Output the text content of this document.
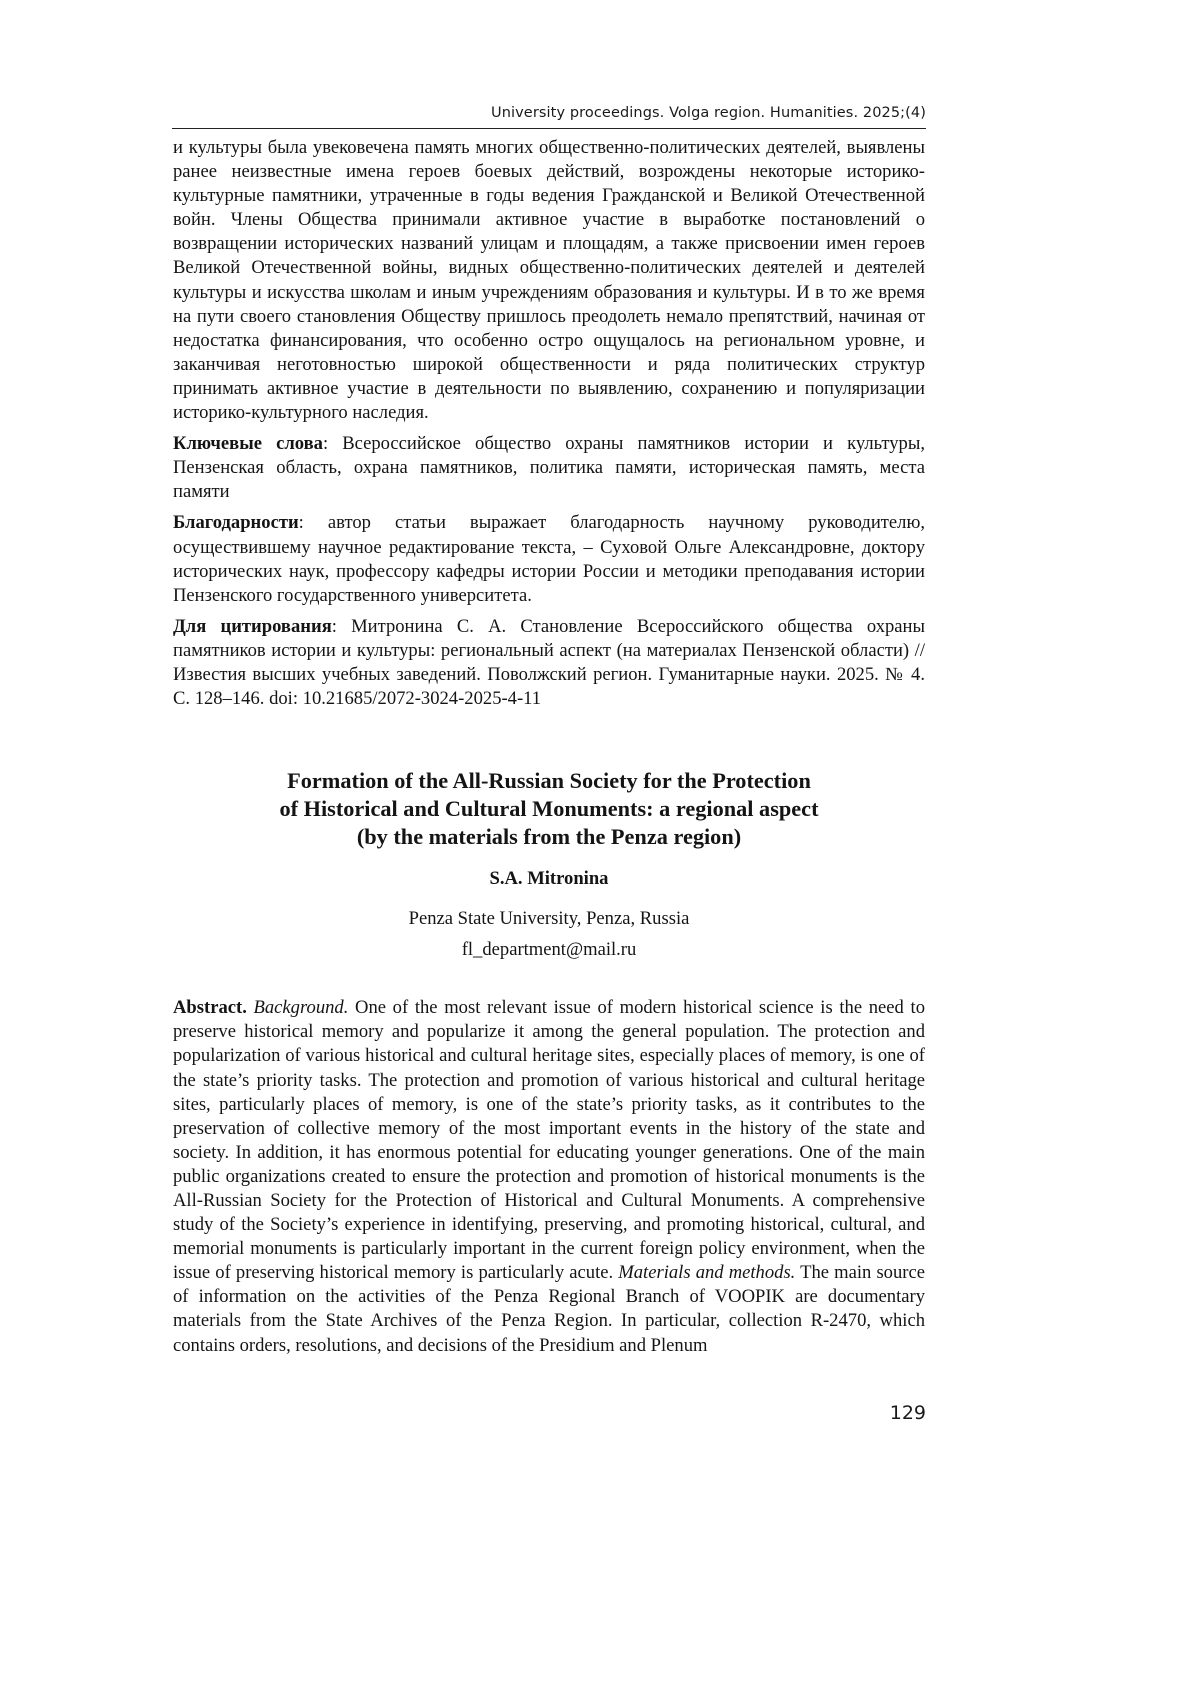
University proceedings. Volga region. Humanities. 2025;(4)

и культуры была увековечена память многих общественно-политических деятелей, выявлены ранее неизвестные имена героев боевых действий, возрождены некоторые историко-культурные памятники, утраченные в годы ведения Гражданской и Великой Отечественной войн. Члены Общества принимали активное участие в выработке постановлений о возвращении исторических названий улицам и площадям, а также присвоении имен героев Великой Отечественной войны, видных общественно-политических деятелей и деятелей культуры и искусства школам и иным учреждениям образования и культуры. И в то же время на пути своего становления Обществу пришлось преодолеть немало препятствий, начиная от недостатка финансирования, что особенно остро ощущалось на региональном уровне, и заканчивая неготовностью широкой общественности и ряда политических структур принимать активное участие в деятельности по выявлению, сохранению и популяризации историко-культурного наследия.

Ключевые слова: Всероссийское общество охраны памятников истории и культуры, Пензенская область, охрана памятников, политика памяти, историческая память, места памяти

Благодарности: автор статьи выражает благодарность научному руководителю, осуществившему научное редактирование текста, – Суховой Ольге Александровне, доктору исторических наук, профессору кафедры истории России и методики преподавания истории Пензенского государственного университета.

Для цитирования: Митронина С. А. Становление Всероссийского общества охраны памятников истории и культуры: региональный аспект (на материалах Пензенской области) // Известия высших учебных заведений. Поволжский регион. Гуманитарные науки. 2025. № 4. С. 128–146. doi: 10.21685/2072-3024-2025-4-11

Formation of the All-Russian Society for the Protection
of Historical and Cultural Monuments: a regional aspect
(by the materials from the Penza region)

S.A. Mitronina

Penza State University, Penza, Russia
fl_department@mail.ru

Abstract. Background. One of the most relevant issue of modern historical science is the need to preserve historical memory and popularize it among the general population. The protection and popularization of various historical and cultural heritage sites, especially places of memory, is one of the state’s priority tasks. The protection and promotion of various historical and cultural heritage sites, particularly places of memory, is one of the state’s priority tasks, as it contributes to the preservation of collective memory of the most important events in the history of the state and society. In addition, it has enormous potential for educating younger generations. One of the main public organizations created to ensure the protection and promotion of historical monuments is the All-Russian Society for the Protection of Historical and Cultural Monuments. A comprehensive study of the Society’s experience in identifying, preserving, and promoting historical, cultural, and memorial monuments is particularly important in the current foreign policy environment, when the issue of preserving historical memory is particularly acute. Materials and methods. The main source of information on the activities of the Penza Regional Branch of VOOPIK are documentary materials from the State Archives of the Penza Region. In particular, collection R-2470, which contains orders, resolutions, and decisions of the Presidium and Plenum

129
